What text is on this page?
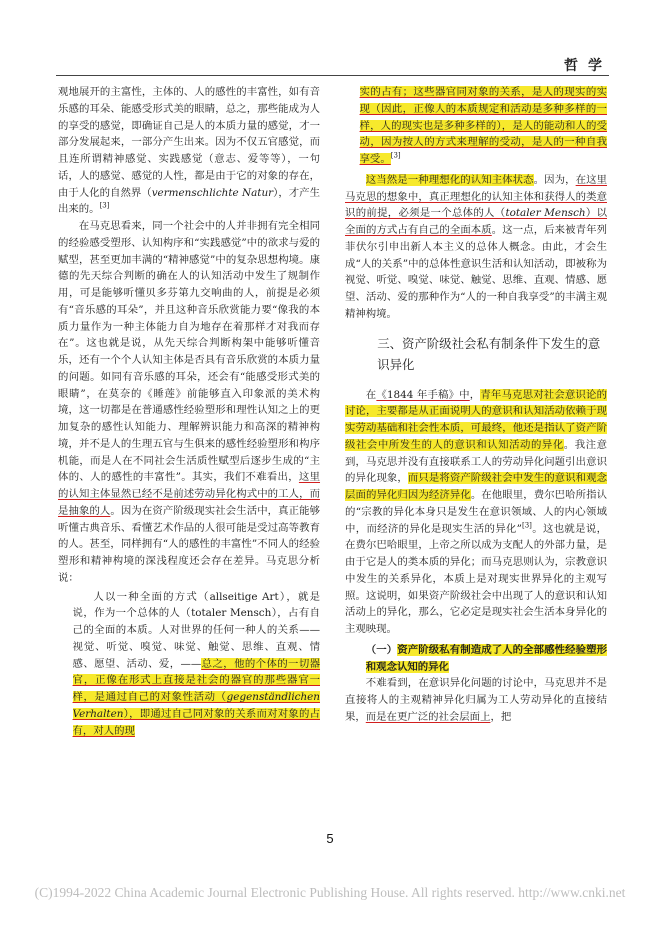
哲学

观地展开的主富性，主体的、人的感性的丰富性，如有音乐感的耳朵、能感受形式美的眼睛，总之，那些能成为人的享受的感觉，即确证自己是人的本质力量的感觉，才一部分发展起来，一部分产生出来。因为不仅五官感觉，而且连所谓精神感觉、实践感觉（意志、爱等等），一句话，人的感觉、感觉的人性，都是由于它的对象的存在，由于人化的自然界（vermenschlichte Natur），才产生出来的。[3]

在马克思看来，同一个社会中的人并非拥有完全相同的经验感受塑形、认知构序和“实践感觉”中的欲求与爱的赋型，甚至更加丰满的“精神感觉”中的复杂思想构境。康德的先天综合判断的确在人的认知活动中发生了规制作用，可是能够听懂贝多芬第九交响曲的人，前提是必须有“音乐感的耳朵”，并且这种音乐欣赏能力要“像我的本质力量作为一种主体能力自为地存在着那样才对我而存在”。这也就是说，从先天综合判断构架中能够听懂音乐，还有一个个人认知主体是否具有音乐欣赏的本质力量的问题。如同有音乐感的耳朵，还会有“能感受形式美的眼睛”，在莫奈的《睡莲》前能够直入印象派的美术构境，这一切都是在普通感性经验塑形和理性认知之上的更加复杂的感性认知能力、理解辨识能力和高深的精神构境，并不是人的生理五官与生俱来的感性经验塑形和构序机能，而是人在不同社会生活质性赋型后逐步生成的“主体的、人的感性的丰富性”。其实，我们不难看出，这里的认知主体显然已经不是前述劳动异化构式中的工人，而是抽象的人。因为在资产阶级现实社会生活中，真正能够听懂古典音乐、看懂艺术作品的人很可能是受过高等教育的人。甚至，同样拥有“人的感性的丰富性”不同人的经验塑形和精神构境的深浅程度还会存在差异。马克思分析说：

人以一种全面的方式（allseitige Art），就是说，作为一个总体的人（totaler Mensch），占有自己的全面的本质。人对世界的任何一种人的关系——视觉、听觉、嗅觉、味觉、触觉、思维、直观、情感、愿望、活动、爱，——总之，他的个体的一切器官，正像在形式上直接是社会的器官的那些器官一样，是通过自己的对象性活动（gegenständlichen Verhalten），即通过自己同对象的关系而对对象的占有，对人的现

实的占有；这些器官同对象的关系，是人的现实的实现（因此，正像人的本质规定和活动是多种多样的一样，人的现实也是多种多样的），是人的能动和人的受动，因为按人的方式来理解的受动，是人的一种自我享受。[3]

这当然是一种理想化的认知主体状态。因为，在这里马克思的想象中，真正理想化的认知主体和获得人的类意识的前提，必须是一个总体的人（totaler Mensch）以全面的方式占有自己的全面本质。这一点，后来被青年列菲伏尔引申出新人本主义的总体人概念。由此，才会生成“人的关系”中的总体性意识生活和认知活动，即被称为视觉、听觉、嗅觉、味觉、触觉、思维、直观、情感、愿望、活动、爱的那种作为“人的一种自我享受”的丰满主观精神构境。

三、资产阶级社会私有制条件下发生的意识异化

在《1844 年手稿》中，青年马克思对社会意识论的讨论，主要都是从正面说明人的意识和认知活动依赖于现实劳动基础和社会性本质，可最终，他还是指认了资产阶级社会中所发生的人的意识和认知活动的异化。我注意到，马克思并没有直接联系工人的劳动异化问题引出意识的异化现象，而只是将资产阶级社会中发生的意识和观念层面的异化归因为经济异化。在他眼里，费尔巴哈所指认的“宗教的异化本身只是发生在意识领域、人的内心领域中，而经济的异化是现实生活的异化”[3]。这也就是说，在费尔巴哈眼里，上帝之所以成为支配人的外部力量，是由于它是人的类本质的异化；而马克思则认为，宗教意识中发生的关系异化，本质上是对现实世界异化的主观写照。这说明，如果资产阶级社会中出现了人的意识和认知活动上的异化，那么，它必定是现实社会生活本身异化的主观映现。

（一）资产阶级私有制造成了人的全部感性经验塑形和观念认知的异化

不难看到，在意识异化问题的讨论中，马克思并不是直接将人的主观精神异化归属为工人劳动异化的直接结果，而是在更广泛的社会层面上，把

5
(C)1994-2022 China Academic Journal Electronic Publishing House. All rights reserved. http://www.cnki.net
